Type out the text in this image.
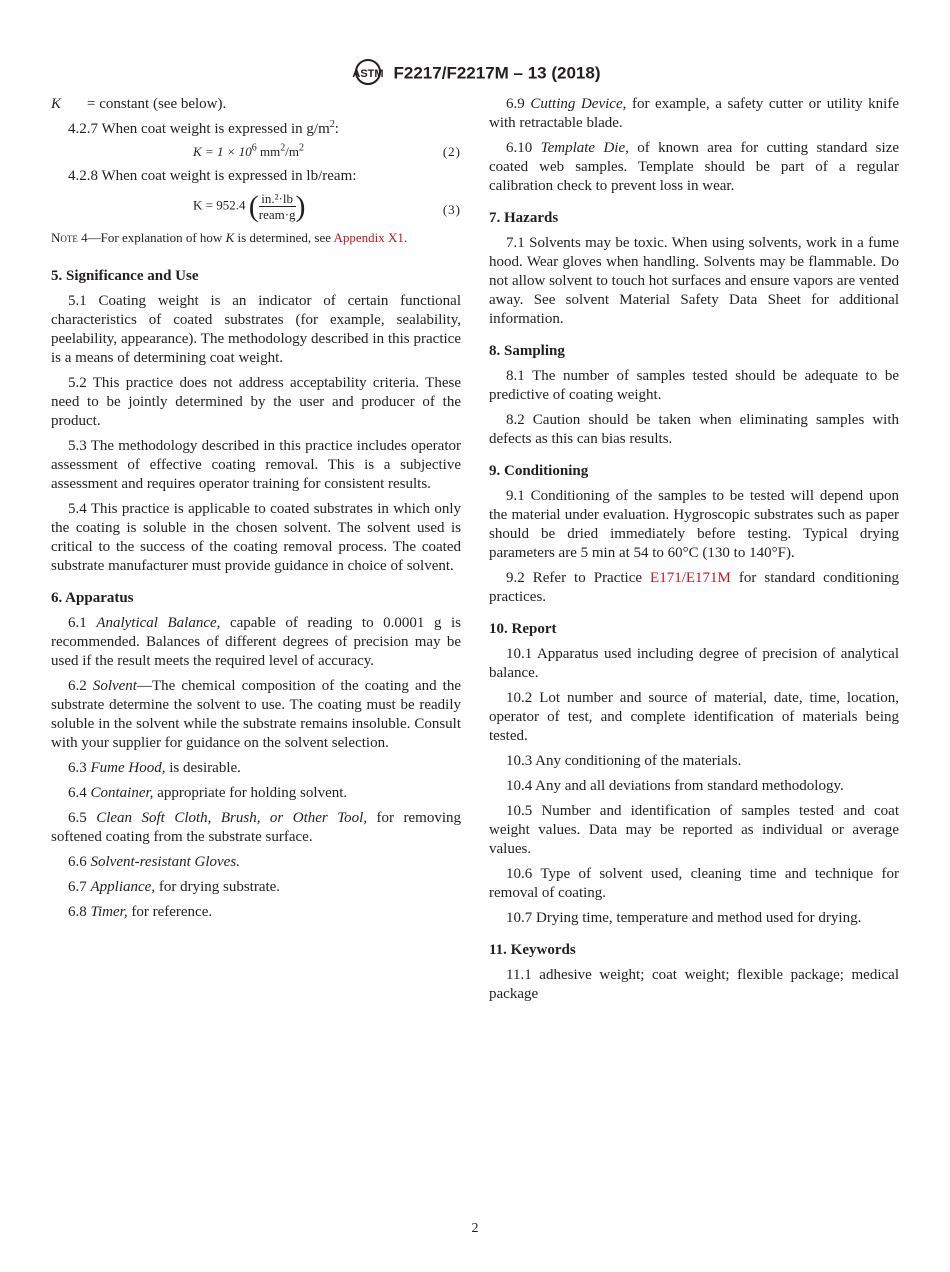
ASTM F2217/F2217M – 13 (2018)
K = constant (see below).
4.2.7 When coat weight is expressed in $g/m^2$:
$K = 1 \times 10^6$ $mm^2/m^2$	(2)
4.2.8 When coat weight is expressed in lb/ream:
K = 952.4 ( $\frac{\text{in.²·lb}}{\text{ream·g}}$ )	(3)
Note 4—For explanation of how K is determined, see Appendix X1.
5. Significance and Use
5.1 Coating weight is an indicator of certain functional characteristics of coated substrates (for example, sealability, peelability, appearance). The methodology described in this practice is a means of determining coat weight.
5.2 This practice does not address acceptability criteria. These need to be jointly determined by the user and producer of the product.
5.3 The methodology described in this practice includes operator assessment of effective coating removal. This is a subjective assessment and requires operator training for consistent results.
5.4 This practice is applicable to coated substrates in which only the coating is soluble in the chosen solvent. The solvent used is critical to the success of the coating removal process. The coated substrate manufacturer must provide guidance in choice of solvent.
6. Apparatus
6.1 Analytical Balance, capable of reading to 0.0001 g is recommended. Balances of different degrees of precision may be used if the result meets the required level of accuracy.
6.2 Solvent—The chemical composition of the coating and the substrate determine the solvent to use. The coating must be readily soluble in the solvent while the substrate remains insoluble. Consult with your supplier for guidance on the solvent selection.
6.3 Fume Hood, is desirable.
6.4 Container, appropriate for holding solvent.
6.5 Clean Soft Cloth, Brush, or Other Tool, for removing softened coating from the substrate surface.
6.6 Solvent-resistant Gloves.
6.7 Appliance, for drying substrate.
6.8 Timer, for reference.
6.9 Cutting Device, for example, a safety cutter or utility knife with retractable blade.
6.10 Template Die, of known area for cutting standard size coated web samples. Template should be part of a regular calibration check to prevent loss in wear.
7. Hazards
7.1 Solvents may be toxic. When using solvents, work in a fume hood. Wear gloves when handling. Solvents may be flammable. Do not allow solvent to touch hot surfaces and ensure vapors are vented away. See solvent Material Safety Data Sheet for additional information.
8. Sampling
8.1 The number of samples tested should be adequate to be predictive of coating weight.
8.2 Caution should be taken when eliminating samples with defects as this can bias results.
9. Conditioning
9.1 Conditioning of the samples to be tested will depend upon the material under evaluation. Hygroscopic substrates such as paper should be dried immediately before testing. Typical drying parameters are 5 min at 54 to 60°C (130 to 140°F).
9.2 Refer to Practice E171/E171M for standard conditioning practices.
10. Report
10.1 Apparatus used including degree of precision of analytical balance.
10.2 Lot number and source of material, date, time, location, operator of test, and complete identification of materials being tested.
10.3 Any conditioning of the materials.
10.4 Any and all deviations from standard methodology.
10.5 Number and identification of samples tested and coat weight values. Data may be reported as individual or average values.
10.6 Type of solvent used, cleaning time and technique for removal of coating.
10.7 Drying time, temperature and method used for drying.
11. Keywords
11.1 adhesive weight; coat weight; flexible package; medical package
2
